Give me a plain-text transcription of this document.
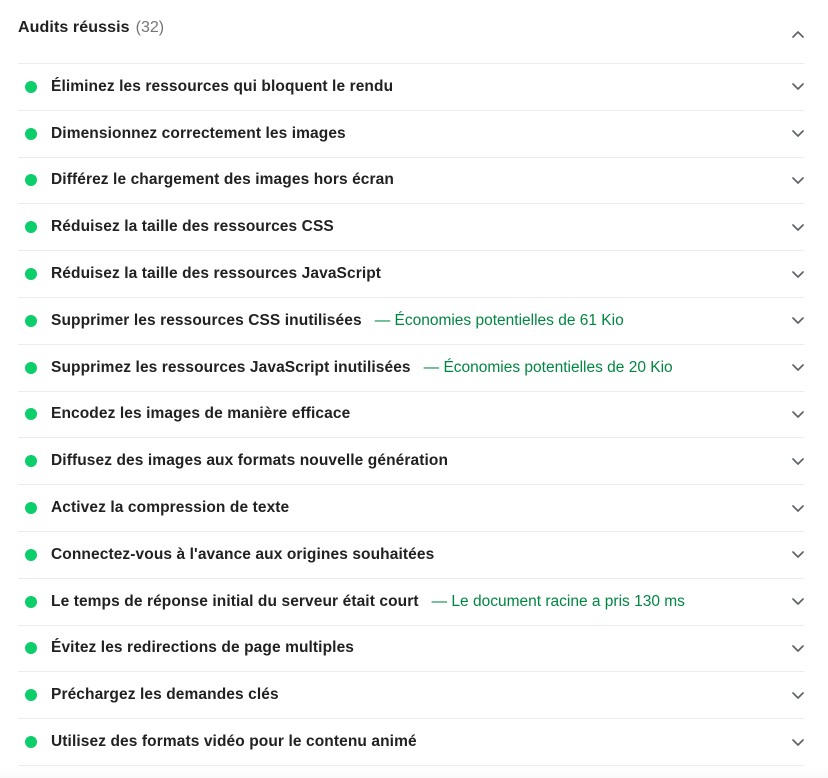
Audits réussis (32)
Éliminez les ressources qui bloquent le rendu
Dimensionnez correctement les images
Différez le chargement des images hors écran
Réduisez la taille des ressources CSS
Réduisez la taille des ressources JavaScript
Supprimer les ressources CSS inutilisées — Économies potentielles de 61 Kio
Supprimez les ressources JavaScript inutilisées — Économies potentielles de 20 Kio
Encodez les images de manière efficace
Diffusez des images aux formats nouvelle génération
Activez la compression de texte
Connectez-vous à l'avance aux origines souhaitées
Le temps de réponse initial du serveur était court — Le document racine a pris 130 ms
Évitez les redirections de page multiples
Préchargez les demandes clés
Utilisez des formats vidéo pour le contenu animé
